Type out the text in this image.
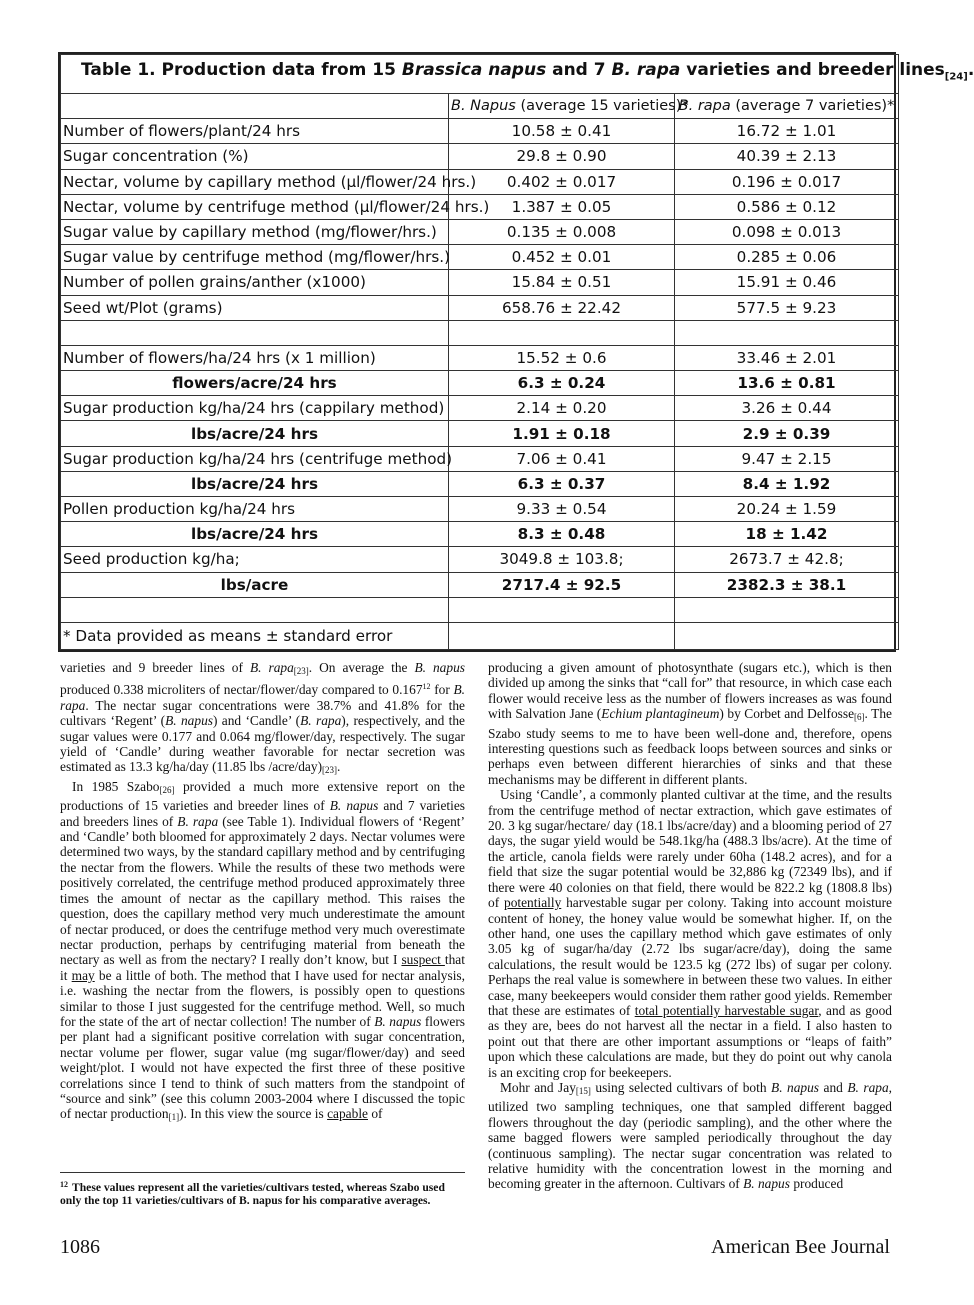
Table 1. Production data from 15 Brassica napus and 7 B. rapa varieties and breeder lines$_{[24]}$.		
	B. Napus (average 15 varieties)*	B. rapa (average 7 varieties)*
Number of flowers/plant/24 hrs	10.58 ± 0.41	16.72 ± 1.01
Sugar concentration (%)	29.8 ± 0.90	40.39 ± 2.13
Nectar, volume by capillary method (µl/flower/24 hrs.)	0.402 ± 0.017	0.196 ± 0.017
Nectar, volume by centrifuge method (µl/flower/24 hrs.)	1.387 ± 0.05	0.586 ± 0.12
Sugar value by capillary method (mg/flower/hrs.)	0.135 ± 0.008	0.098 ± 0.013
Sugar value by centrifuge method (mg/flower/hrs.)	0.452 ± 0.01	0.285 ± 0.06
Number of pollen grains/anther (x1000)	15.84 ± 0.51	15.91 ± 0.46
Seed wt/Plot (grams)	658.76 ± 22.42	577.5 ± 9.23

Number of flowers/ha/24 hrs (x 1 million)	15.52 ± 0.6	33.46 ± 2.01
flowers/acre/24 hrs	6.3 ± 0.24	13.6 ± 0.81
Sugar production kg/ha/24 hrs (cappilary method)	2.14 ± 0.20	3.26 ± 0.44
lbs/acre/24 hrs	1.91 ± 0.18	2.9 ± 0.39
Sugar production kg/ha/24 hrs (centrifuge method)	7.06 ± 0.41	9.47 ± 2.15
lbs/acre/24 hrs	6.3 ± 0.37	8.4 ± 1.92
Pollen production kg/ha/24 hrs	9.33 ± 0.54	20.24 ± 1.59
lbs/acre/24 hrs	8.3 ± 0.48	18 ± 1.42
Seed production kg/ha;	3049.8 ± 103.8;	2673.7 ± 42.8;
lbs/acre	2717.4 ± 92.5	2382.3 ± 38.1

* Data provided as means ± standard error		

varieties and 9 breeder lines of B. rapa$_{[23]}$. On average the B. napus produced 0.338 microliters of nectar/flower/day compared to 0.167$^{12}$ for B. rapa. The nectar sugar concentrations were 38.7% and 41.8% for the cultivars ‘Regent’ (B. napus) and ‘Candle’ (B. rapa), respectively, and the sugar values were 0.177 and 0.064 mg/flower/day, respectively. The sugar yield of ‘Candle’ during weather favorable for nectar secretion was estimated as 13.3 kg/ha/day (11.85 lbs $/acre/day)_{[23]}$.

In 1985 Szabo$_{[26]}$ provided a much more extensive report on the productions of 15 varieties and breeder lines of B. napus and 7 varieties and breeders lines of B. rapa (see Table 1). Individual flowers of ‘Regent’ and ‘Candle’ both bloomed for approximately 2 days. Nectar volumes were determined two ways, by the standard capillary method and by centrifuging the nectar from the flowers. While the results of these two methods were positively correlated, the centrifuge method produced approximately three times the amount of nectar as the capillary method. This raises the question, does the capillary method very much underestimate the amount of nectar produced, or does the centrifuge method very much overestimate nectar production, perhaps by centrifuging material from beneath the nectary as well as from the nectary? I really don’t know, but I suspect that it may be a little of both. The method that I have used for nectar analysis, i.e. washing the nectar from the flowers, is possibly open to questions similar to those I just suggested for the centrifuge method. Well, so much for the state of the art of nectar collection! The number of B. napus flowers per plant had a significant positive correlation with sugar concentration, nectar volume per flower, sugar value (mg sugar/flower/day) and seed weight/plot. I would not have expected the first three of these positive correlations since I tend to think of such matters from the standpoint of “source and sink” (see this column 2003-2004 where I discussed the topic of nectar production$_{[1]}$). In this view the source is capable of

producing a given amount of photosynthate (sugars etc.), which is then divided up among the sinks that “call for” that resource, in which case each flower would receive less as the number of flowers increases as was found with Salvation Jane (Echium plantagineum) by Corbet and Delfosse$_{[6]}$. The Szabo study seems to me to have been well-done and, therefore, opens interesting questions such as feedback loops between sources and sinks or perhaps even between different hierarchies of sinks and that these mechanisms may be different in different plants.

Using ‘Candle’, a commonly planted cultivar at the time, and the results from the centrifuge method of nectar extraction, which gave estimates of 20. 3 kg sugar/hectare/ day (18.1 lbs/acre/day) and a blooming period of 27 days, the sugar yield would be 548.1kg/ha (488.3 lbs/acre). At the time of the article, canola fields were rarely under 60ha (148.2 acres), and for a field that size the sugar potential would be 32,886 kg (72349 lbs), and if there were 40 colonies on that field, there would be 822.2 kg (1808.8 lbs) of potentially harvestable sugar per colony. Taking into account moisture content of honey, the honey value would be somewhat higher. If, on the other hand, one uses the capillary method which gave estimates of only 3.05 kg of sugar/ha/day (2.72 lbs sugar/acre/day), doing the same calculations, the result would be 123.5 kg (272 lbs) of sugar per colony. Perhaps the real value is somewhere in between these two values. In either case, many beekeepers would consider them rather good yields. Remember that these are estimates of total potentially harvestable sugar, and as good as they are, bees do not harvest all the nectar in a field. I also hasten to point out that there are other important assumptions or “leaps of faith” upon which these calculations are made, but they do point out why canola is an exciting crop for beekeepers.

Mohr and Jay$_{[15]}$ using selected cultivars of both B. napus and B. rapa, utilized two sampling techniques, one that sampled different bagged flowers throughout the day (periodic sampling), and the other where the same bagged flowers were sampled periodically throughout the day (continuous sampling). The nectar sugar concentration was related to relative humidity with the concentration lowest in the morning and becoming greater in the afternoon. Cultivars of B. napus produced

$^{12}$ These values represent all the varieties/cultivars tested, whereas Szabo used only the top 11 varieties/cultivars of B. napus for his comparative averages.
1086	American Bee Journal
